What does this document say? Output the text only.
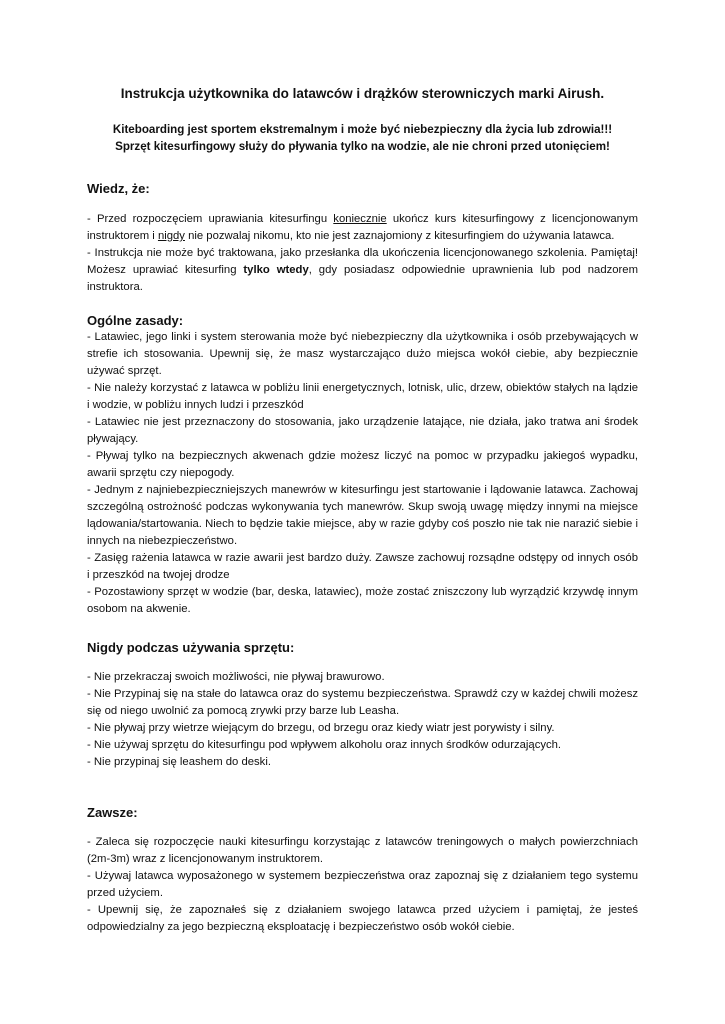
Instrukcja użytkownika do latawców i drążków sterowniczych marki Airush.
Kiteboarding jest sportem ekstremalnym i może być niebezpieczny dla życia lub zdrowia!!!
Sprzęt kitesurfingowy służy do pływania tylko na wodzie, ale nie chroni przed utonięciem!
Wiedz, że:

- Przed rozpoczęciem uprawiania kitesurfingu koniecznie ukończ kurs kitesurfingowy z licencjonowanym instruktorem i nigdy nie pozwalaj nikomu, kto nie jest zaznajomiony z kitesurfingiem do używania latawca.

- Instrukcja nie może być traktowana, jako przesłanka dla ukończenia licencjonowanego szkolenia. Pamiętaj! Możesz uprawiać kitesurfing tylko wtedy, gdy posiadasz odpowiednie uprawnienia lub pod nadzorem instruktora.

Ogólne zasady:

- Latawiec, jego linki i system sterowania może być niebezpieczny dla użytkownika i osób przebywających w strefie ich stosowania. Upewnij się, że masz wystarczająco dużo miejsca wokół ciebie, aby bezpiecznie używać sprzęt.

- Nie należy korzystać z latawca w pobliżu linii energetycznych, lotnisk, ulic, drzew, obiektów stałych na lądzie i wodzie, w pobliżu innych ludzi i przeszkód

- Latawiec nie jest przeznaczony do stosowania, jako urządzenie latające, nie działa, jako tratwa ani środek pływający.

- Pływaj tylko na bezpiecznych akwenach gdzie możesz liczyć na pomoc w przypadku jakiegoś wypadku, awarii sprzętu czy niepogody.

- Jednym z najniebezpieczniejszych manewrów w kitesurfingu jest startowanie i lądowanie latawca. Zachowaj szczególną ostrożność podczas wykonywania tych manewrów. Skup swoją uwagę między innymi na miejsce lądowania/startowania. Niech to będzie takie miejsce, aby w razie gdyby coś poszło nie tak nie narazić siebie i innych na niebezpieczeństwo.

- Zasięg rażenia latawca w razie awarii jest bardzo duży. Zawsze zachowuj rozsądne odstępy od innych osób i przeszkód na twojej drodze

- Pozostawiony sprzęt w wodzie (bar, deska, latawiec), może zostać zniszczony lub wyrządzić krzywdę innym osobom na akwenie.

Nigdy podczas używania sprzętu:

- Nie przekraczaj swoich możliwości, nie pływaj brawurowo.

- Nie Przypinaj się na stałe do latawca oraz do systemu bezpieczeństwa. Sprawdź czy w każdej chwili możesz się od niego uwolnić za pomocą zrywki przy barze lub Leasha.

- Nie pływaj przy wietrze wiejącym do brzegu, od brzegu oraz kiedy wiatr jest porywisty i silny.

- Nie używaj sprzętu do kitesurfingu pod wpływem alkoholu oraz innych środków odurzających.

- Nie przypinaj się leashem do deski.

Zawsze:

- Zaleca się rozpoczęcie nauki kitesurfingu korzystając z latawców treningowych o małych powierzchniach (2m-3m) wraz z licencjonowanym instruktorem.

- Używaj latawca wyposażonego w systemem bezpieczeństwa oraz zapoznaj się z działaniem tego systemu przed użyciem.

- Upewnij się, że zapoznałeś się z działaniem swojego latawca przed użyciem i pamiętaj, że jesteś odpowiedzialny za jego bezpieczną eksploatację i bezpieczeństwo osób wokół ciebie.
